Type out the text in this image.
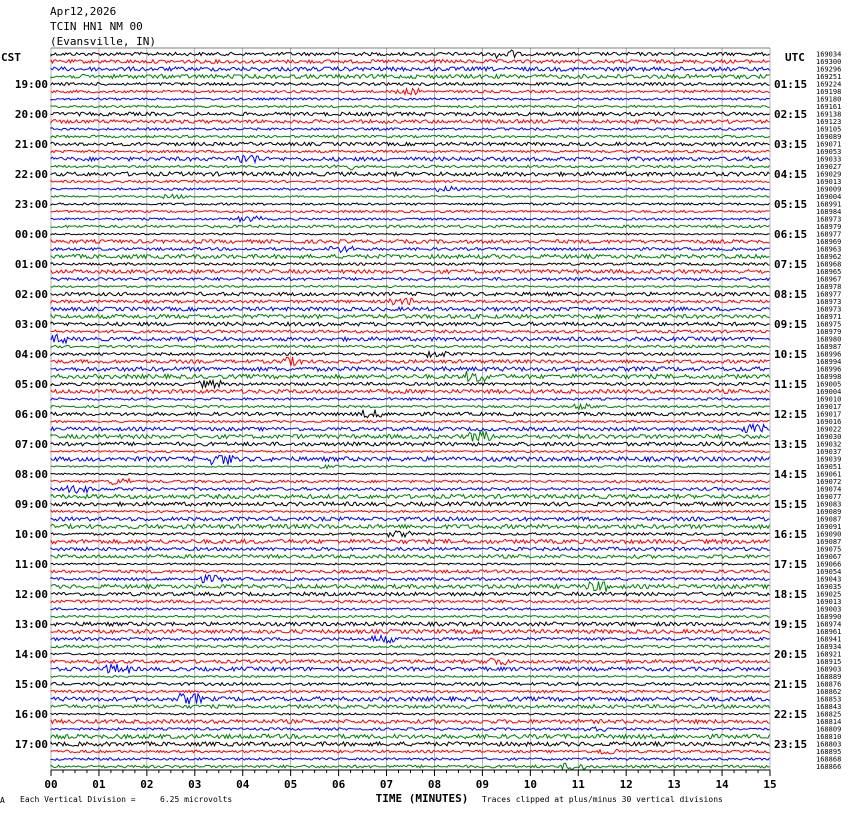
Apr12,2026
TCIN HN1 NM 00
(Evansville, IN)
CST	UTC
19:00
20:00
21:00
22:00
23:00
00:00
01:00
02:00
03:00
04:00
05:00
06:00
07:00
08:00
09:00
10:00
11:00
12:00
13:00
14:00
15:00
16:00
17:00
01:15
02:15
03:15
04:15
05:15
06:15
07:15
08:15
09:15
10:15
11:15
12:15
13:15
14:15
15:15
16:15
17:15
18:15
19:15
20:15
21:15
22:15
23:15
169034
169300
169296
169251
169224
169198
169180
169161
169138
169123
169105
169089
169071
169053
169033
169027
169029
169013
169009
169004
168991
168984
168973
168979
168977
168969
168963
168962
168968
168965
168967
168978
168977
168973
168973
168971
168975
168979
168980
168987
168996
168994
168996
168998
169005
169004
169010
169017
169017
169016
169022
169030
169032
169037
169039
169051
169061
169072
169074
169077
169083
169089
169087
169091
169090
169087
169075
169067
169066
169054
169043
169035
169025
169013
169003
168990
168974
168961
168941
168934
168921
168915
168903
168889
168876
168862
168853
168843
168825
168814
168809
168810
168803
168895
168868
168866
00	01	02	03	04	05	06	07	08	09	10	11	12	13	14	15
TIME (MINUTES)
A Each Vertical Division =	6.25 microvolts	Traces clipped at plus/minus 30 vertical divisions
